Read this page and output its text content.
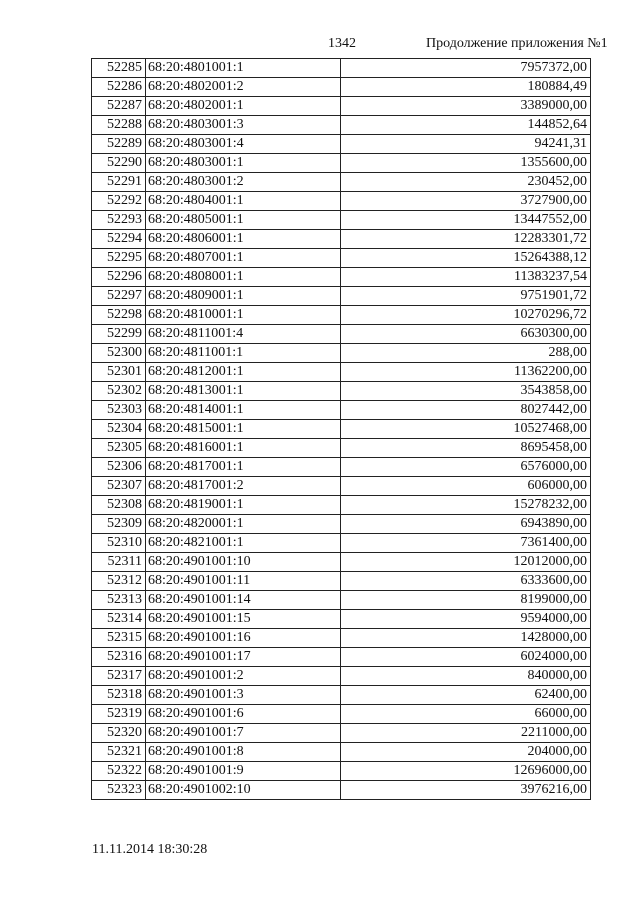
1342	Продолжение приложения №1
52285	68:20:4801001:1	7957372,00
52286	68:20:4802001:2	180884,49
52287	68:20:4802001:1	3389000,00
52288	68:20:4803001:3	144852,64
52289	68:20:4803001:4	94241,31
52290	68:20:4803001:1	1355600,00
52291	68:20:4803001:2	230452,00
52292	68:20:4804001:1	3727900,00
52293	68:20:4805001:1	13447552,00
52294	68:20:4806001:1	12283301,72
52295	68:20:4807001:1	15264388,12
52296	68:20:4808001:1	11383237,54
52297	68:20:4809001:1	9751901,72
52298	68:20:4810001:1	10270296,72
52299	68:20:4811001:4	6630300,00
52300	68:20:4811001:1	288,00
52301	68:20:4812001:1	11362200,00
52302	68:20:4813001:1	3543858,00
52303	68:20:4814001:1	8027442,00
52304	68:20:4815001:1	10527468,00
52305	68:20:4816001:1	8695458,00
52306	68:20:4817001:1	6576000,00
52307	68:20:4817001:2	606000,00
52308	68:20:4819001:1	15278232,00
52309	68:20:4820001:1	6943890,00
52310	68:20:4821001:1	7361400,00
52311	68:20:4901001:10	12012000,00
52312	68:20:4901001:11	6333600,00
52313	68:20:4901001:14	8199000,00
52314	68:20:4901001:15	9594000,00
52315	68:20:4901001:16	1428000,00
52316	68:20:4901001:17	6024000,00
52317	68:20:4901001:2	840000,00
52318	68:20:4901001:3	62400,00
52319	68:20:4901001:6	66000,00
52320	68:20:4901001:7	2211000,00
52321	68:20:4901001:8	204000,00
52322	68:20:4901001:9	12696000,00
52323	68:20:4901002:10	3976216,00
11.11.2014 18:30:28
